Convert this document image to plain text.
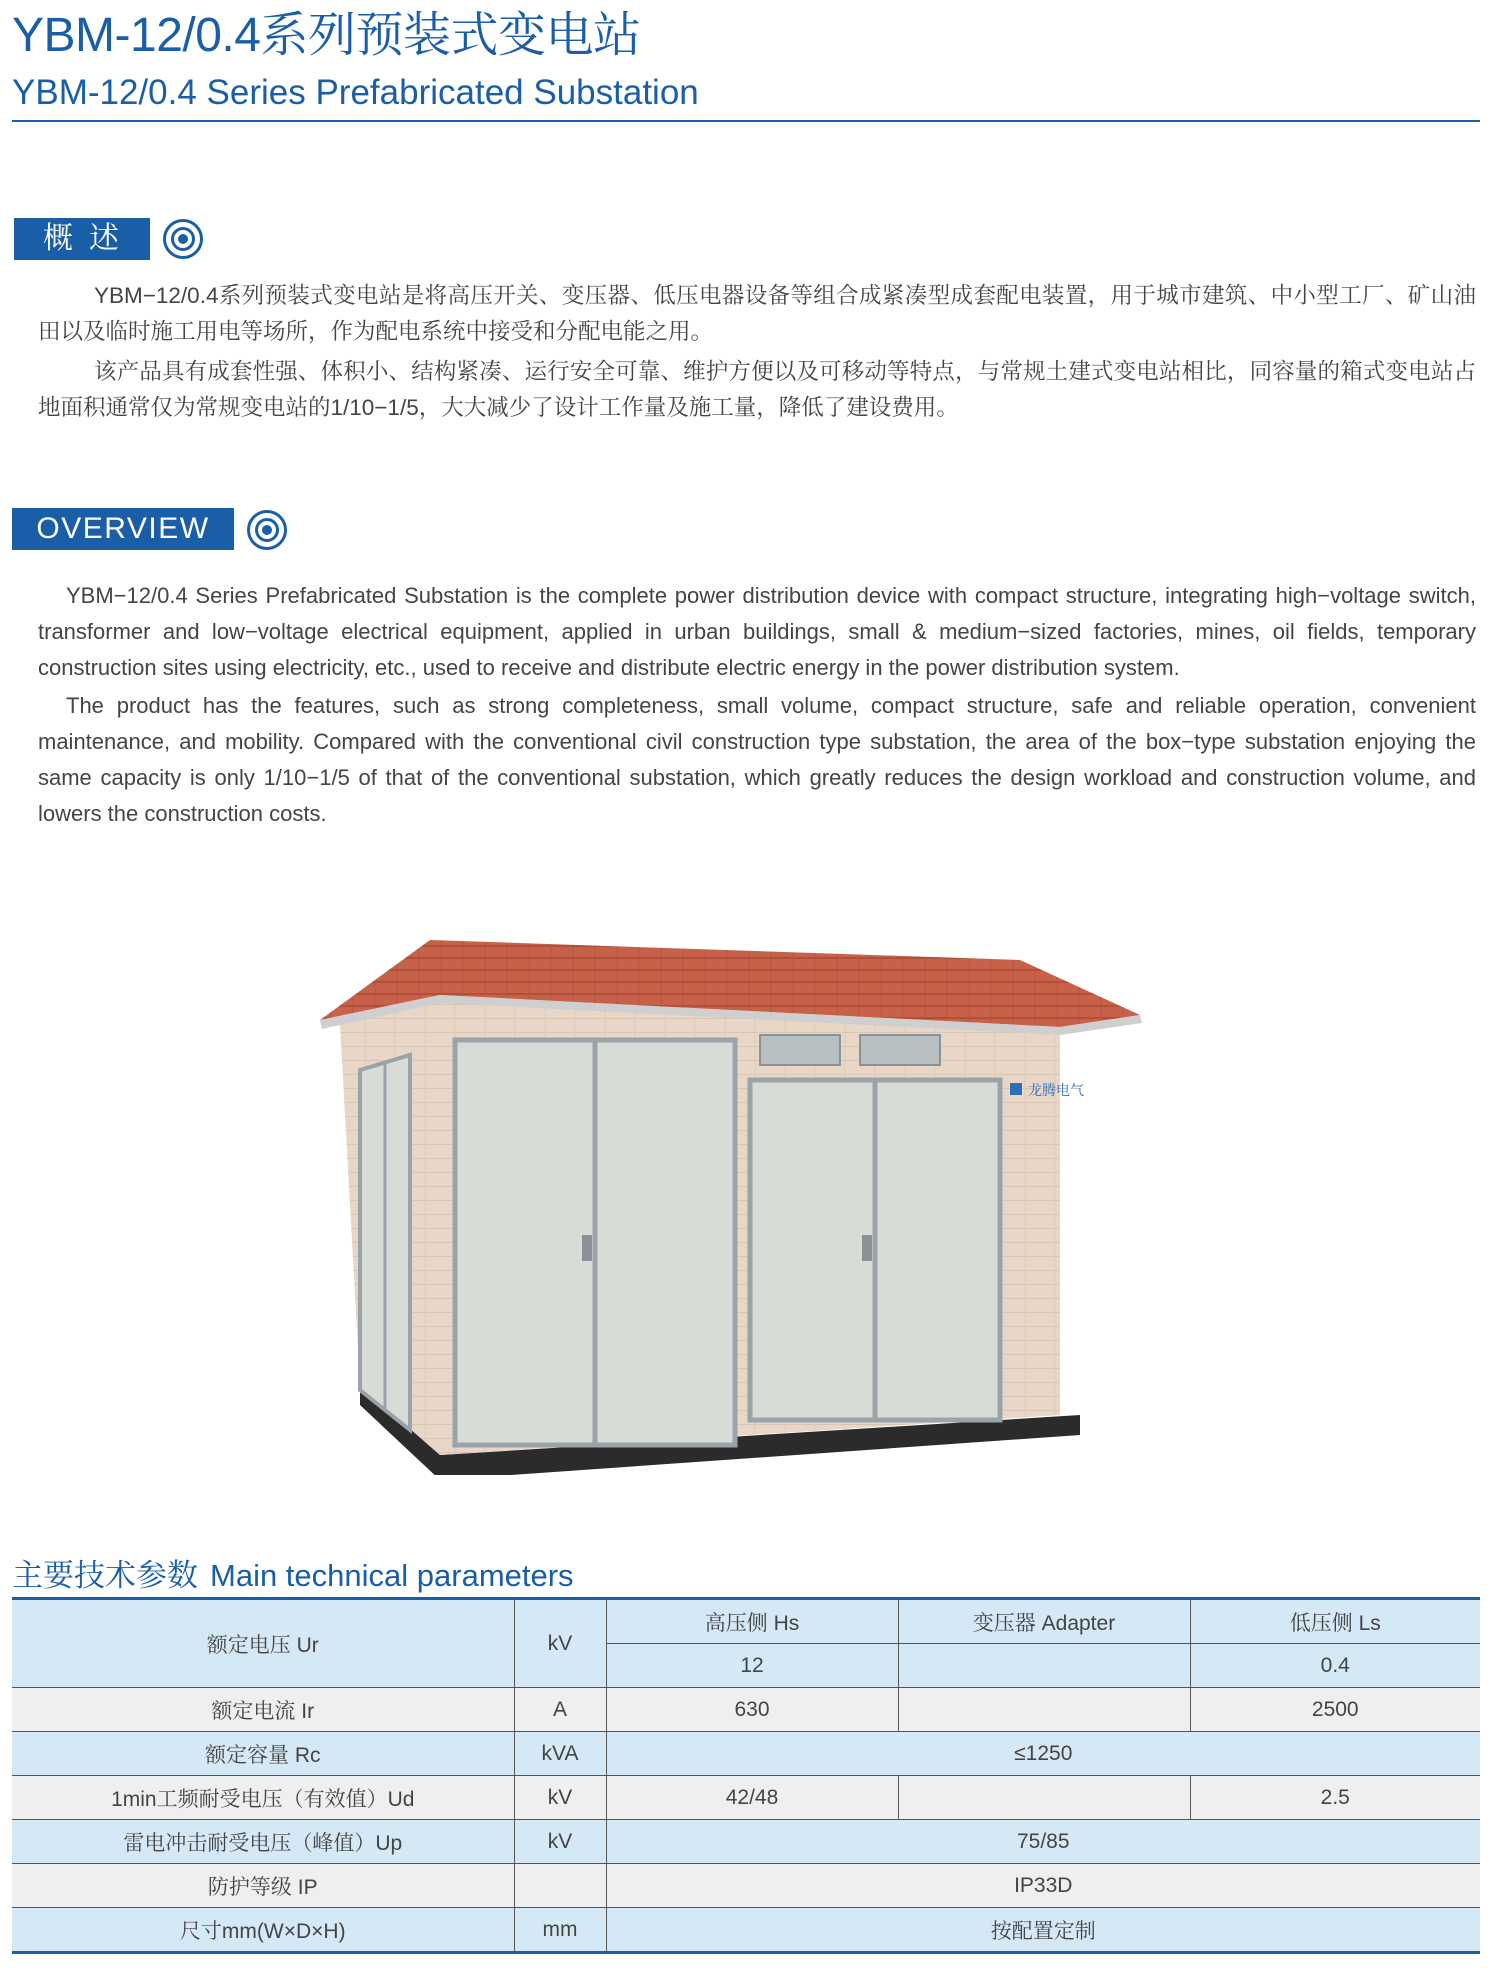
YBM-12/0.4系列预装式变电站
YBM-12/0.4 Series Prefabricated Substation
概述

YBM−12/0.4系列预装式变电站是将高压开关、变压器、低压电器设备等组合成紧凑型成套配电装置，用于城市建筑、中小型工厂、矿山油田以及临时施工用电等场所，作为配电系统中接受和分配电能之用。

该产品具有成套性强、体积小、结构紧凑、运行安全可靠、维护方便以及可移动等特点，与常规土建式变电站相比，同容量的箱式变电站占地面积通常仅为常规变电站的1/10−1/5，大大减少了设计工作量及施工量，降低了建设费用。

OVERVIEW

YBM−12/0.4 Series Prefabricated Substation is the complete power distribution device with compact structure, integrating high−voltage switch, transformer and low−voltage electrical equipment, applied in urban buildings, small & medium−sized factories, mines, oil fields, temporary construction sites using electricity, etc., used to receive and distribute electric energy in the power distribution system.

The product has the features, such as strong completeness, small volume, compact structure, safe and reliable operation, convenient maintenance, and mobility. Compared with the conventional civil construction type substation, the area of the box−type substation enjoying the same capacity is only 1/10−1/5 of that of the conventional substation, which greatly reduces the design workload and construction volume, and lowers the construction costs.

龙腾电气
主要技术参数 Main technical parameters
额定电压 Ur	kV	高压侧 Hs	变压器 Adapter	低压侧 Ls
		12		0.4
额定电流 Ir	A	630		2500
额定容量 Rc	kVA	≤1250		
1min工频耐受电压（有效值）Ud	kV	42/48		2.5
雷电冲击耐受电压（峰值）Up	kV	75/85		
防护等级 IP		IP33D		
尺寸mm(W×D×H)	mm	按配置定制		
